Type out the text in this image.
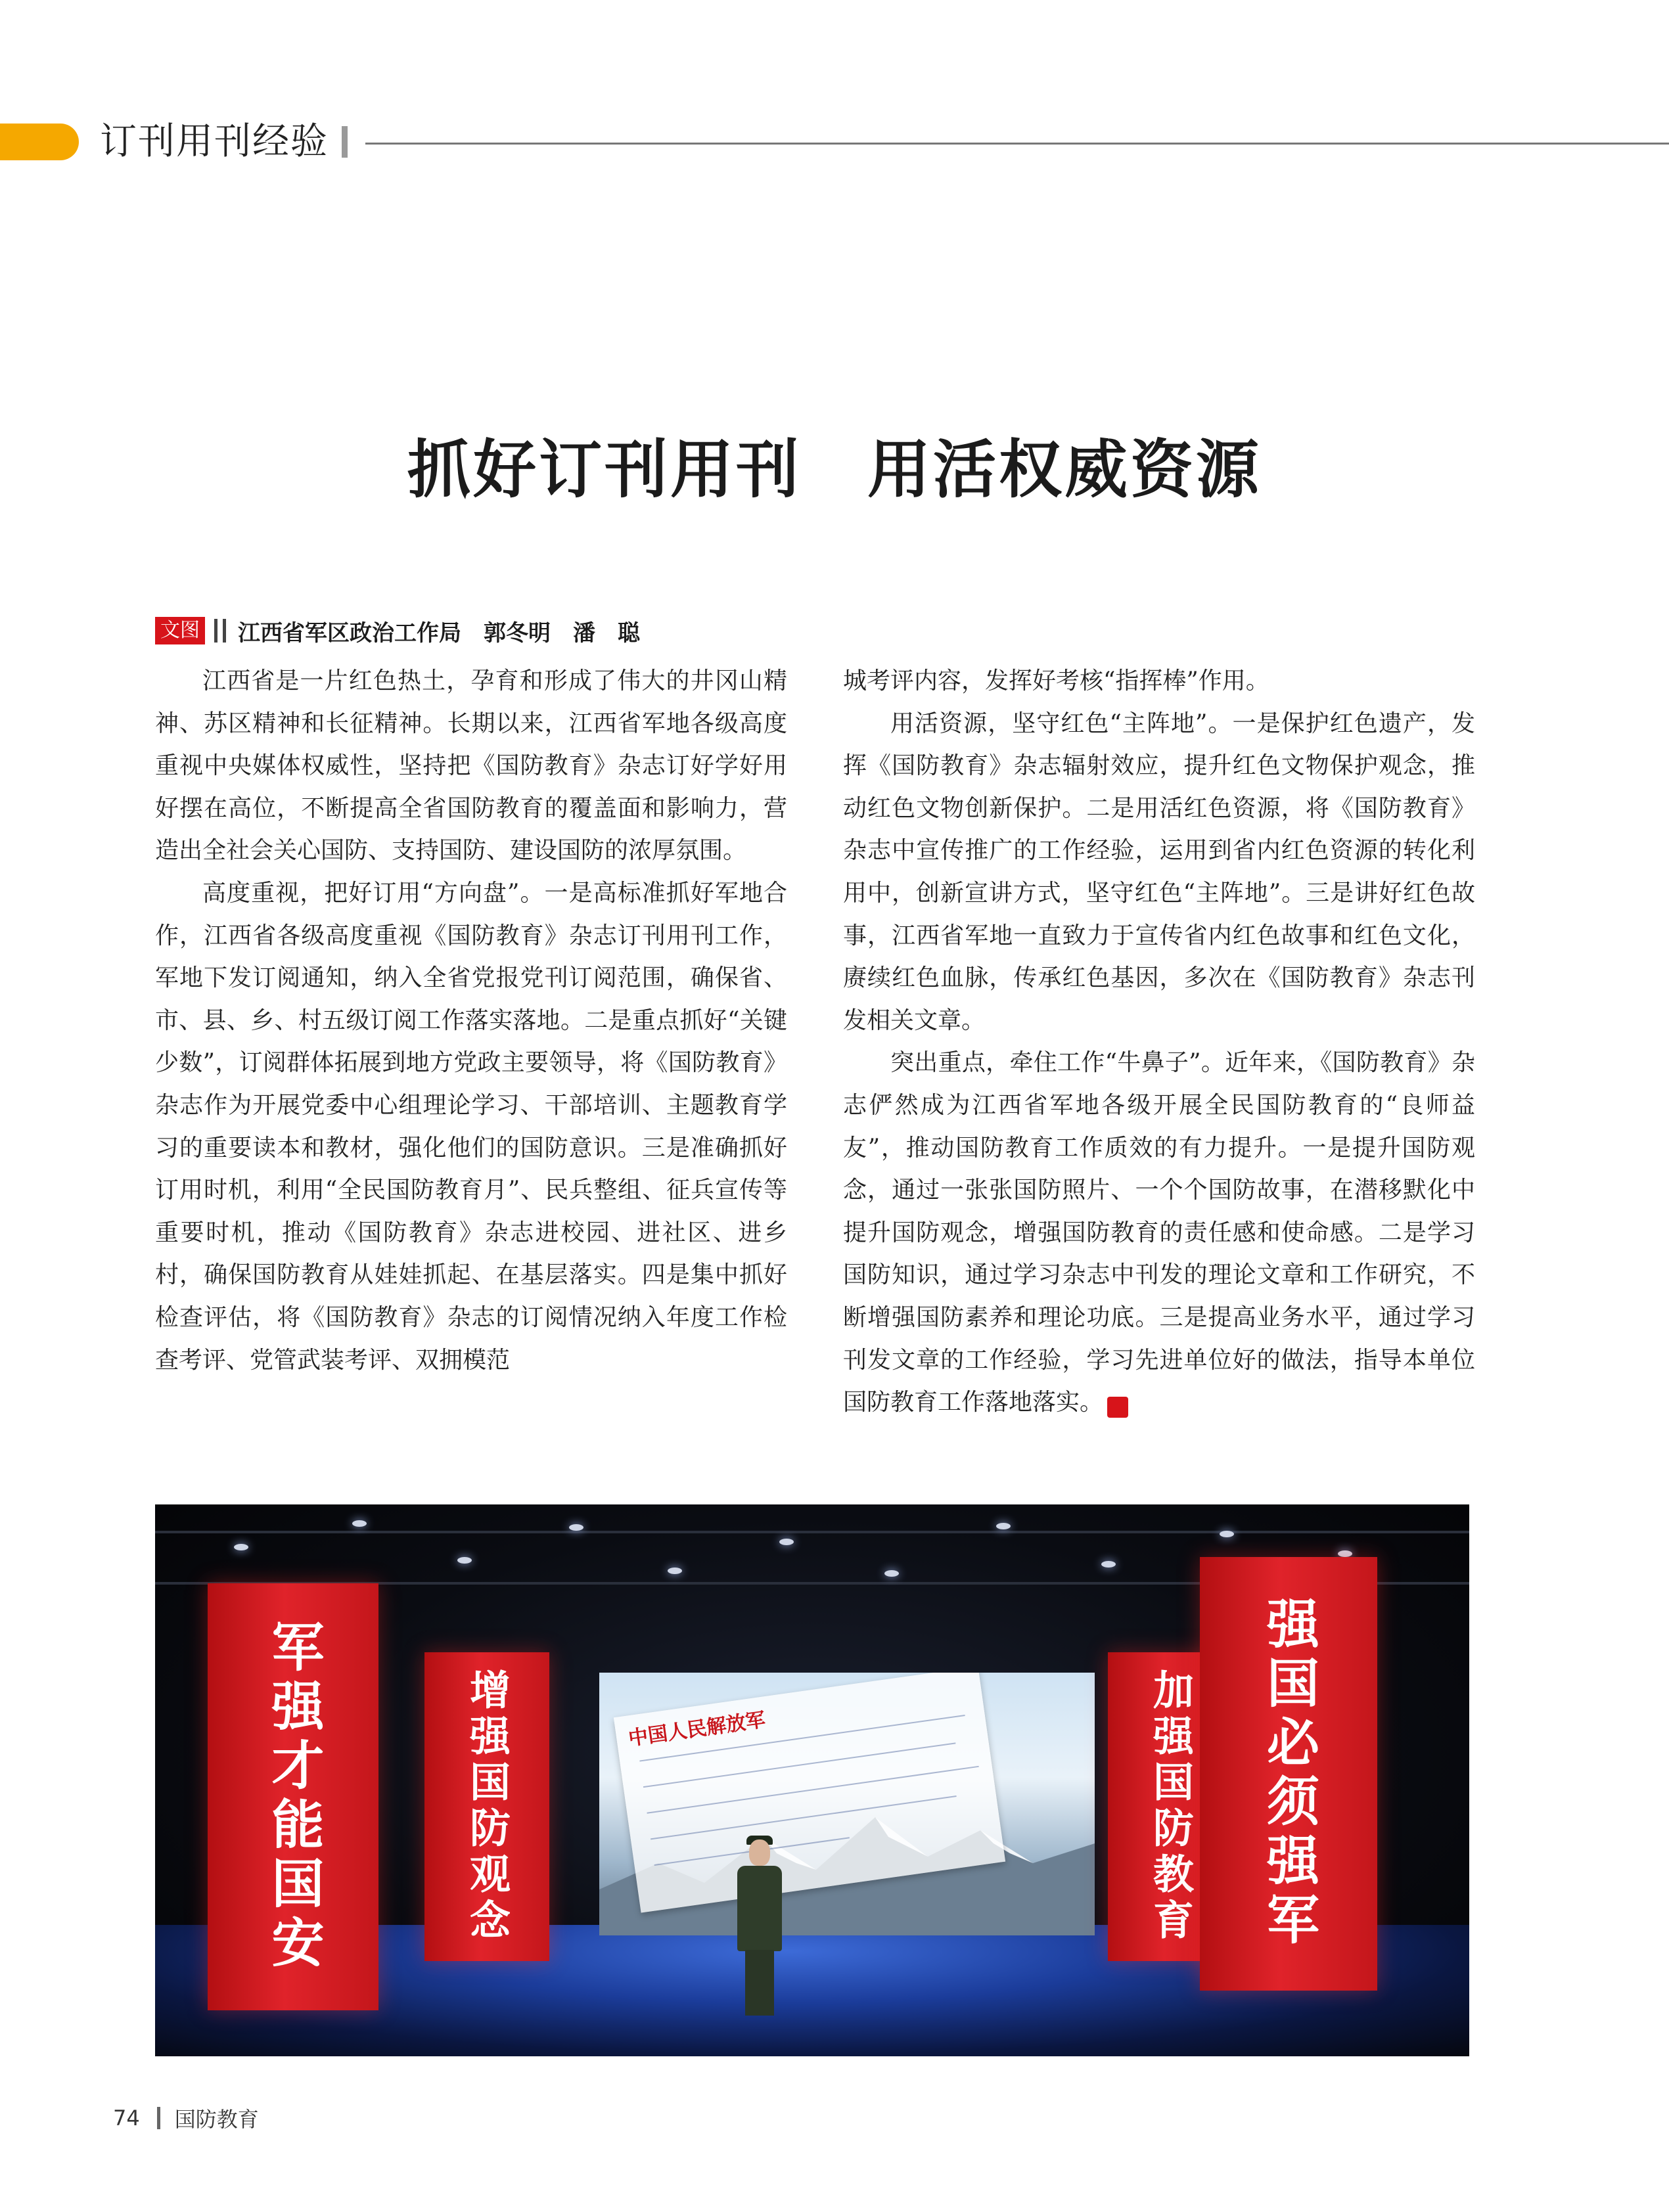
订刊用刊经验
抓好订刊用刊　用活权威资源
文图 江西省军区政治工作局　郭冬明　潘　聪

江西省是一片红色热土，孕育和形成了伟大的井冈山精神、苏区精神和长征精神。长期以来，江西省军地各级高度重视中央媒体权威性，坚持把《国防教育》杂志订好学好用好摆在高位，不断提高全省国防教育的覆盖面和影响力，营造出全社会关心国防、支持国防、建设国防的浓厚氛围。

高度重视，把好订用“方向盘”。一是高标准抓好军地合作，江西省各级高度重视《国防教育》杂志订刊用刊工作，军地下发订阅通知，纳入全省党报党刊订阅范围，确保省、市、县、乡、村五级订阅工作落实落地。二是重点抓好“关键少数”，订阅群体拓展到地方党政主要领导，将《国防教育》杂志作为开展党委中心组理论学习、干部培训、主题教育学习的重要读本和教材，强化他们的国防意识。三是准确抓好订用时机，利用“全民国防教育月”、民兵整组、征兵宣传等重要时机，推动《国防教育》杂志进校园、进社区、进乡村，确保国防教育从娃娃抓起、在基层落实。四是集中抓好检查评估，将《国防教育》杂志的订阅情况纳入年度工作检查考评、党管武装考评、双拥模范

城考评内容，发挥好考核“指挥棒”作用。

用活资源，坚守红色“主阵地”。一是保护红色遗产，发挥《国防教育》杂志辐射效应，提升红色文物保护观念，推动红色文物创新保护。二是用活红色资源，将《国防教育》杂志中宣传推广的工作经验，运用到省内红色资源的转化利用中，创新宣讲方式，坚守红色“主阵地”。三是讲好红色故事，江西省军地一直致力于宣传省内红色故事和红色文化，赓续红色血脉，传承红色基因，多次在《国防教育》杂志刊发相关文章。

突出重点，牵住工作“牛鼻子”。近年来，《国防教育》杂志俨然成为江西省军地各级开展全民国防教育的“良师益友”，推动国防教育工作质效的有力提升。一是提升国防观念，通过一张张国防照片、一个个国防故事，在潜移默化中提升国防观念，增强国防教育的责任感和使命感。二是学习国防知识，通过学习杂志中刊发的理论文章和工作研究，不断增强国防素养和理论功底。三是提高业务水平，通过学习刊发文章的工作经验，学习先进单位好的做法，指导本单位国防教育工作落地落实。	G

中国人民解放军
军强才能国安	增强国防观念	加强国防教育 强国必须强军
74 国防教育
